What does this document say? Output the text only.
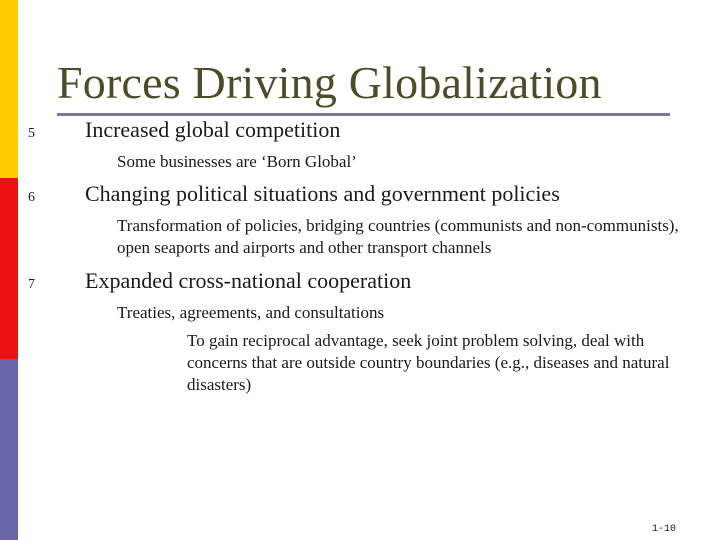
Forces Driving Globalization
5 Increased global competition
Some businesses are ‘Born Global’
6 Changing political situations and government policies
Transformation of policies, bridging countries (communists and non-communists), open seaports and airports and other transport channels
7 Expanded cross-national cooperation
Treaties, agreements, and consultations
To gain reciprocal advantage, seek joint problem solving, deal with concerns that are outside country boundaries (e.g., diseases and natural disasters)
1-10
